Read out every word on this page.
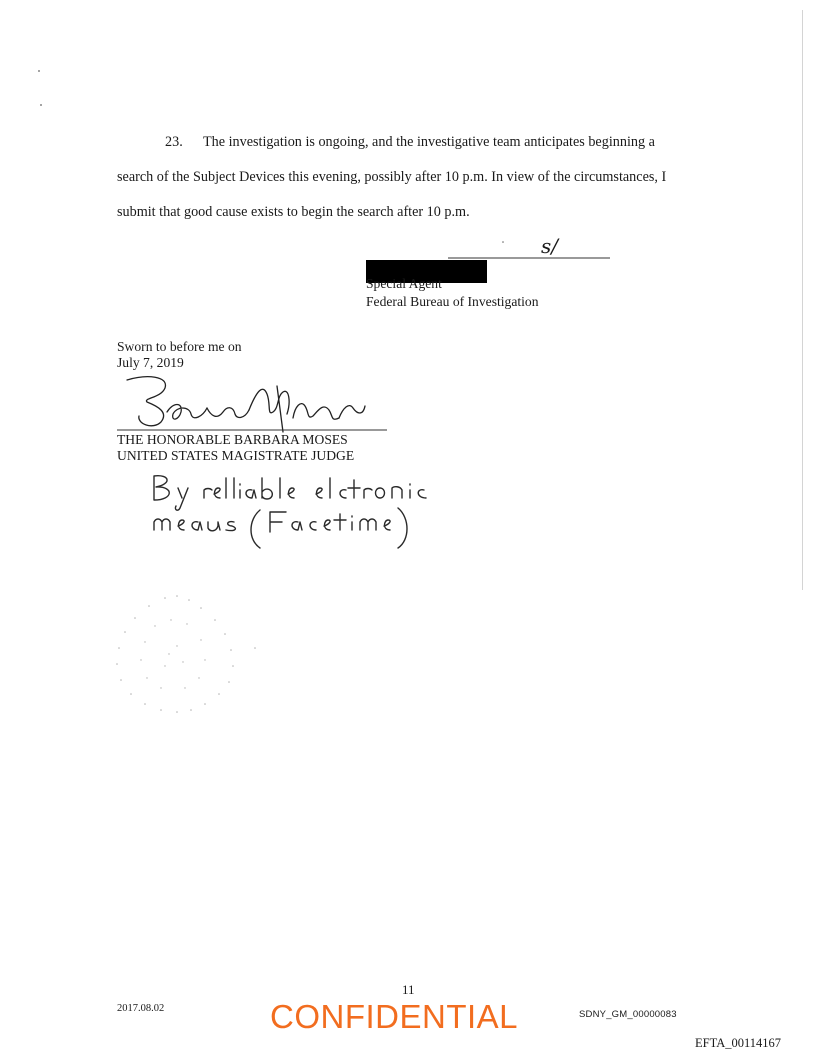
23. The investigation is ongoing, and the investigative team anticipates beginning a
search of the Subject Devices this evening, possibly after 10 p.m. In view of the circumstances, I
submit that good cause exists to begin the search after 10 p.m.
s/
Special Agent
Federal Bureau of Investigation
Sworn to before me on
July 7, 2019
THE HONORABLE BARBARA MOSES
UNITED STATES MAGISTRATE JUDGE
11
2017.08.02
SDNY_GM_00000083
CONFIDENTIAL
EFTA_00114167
